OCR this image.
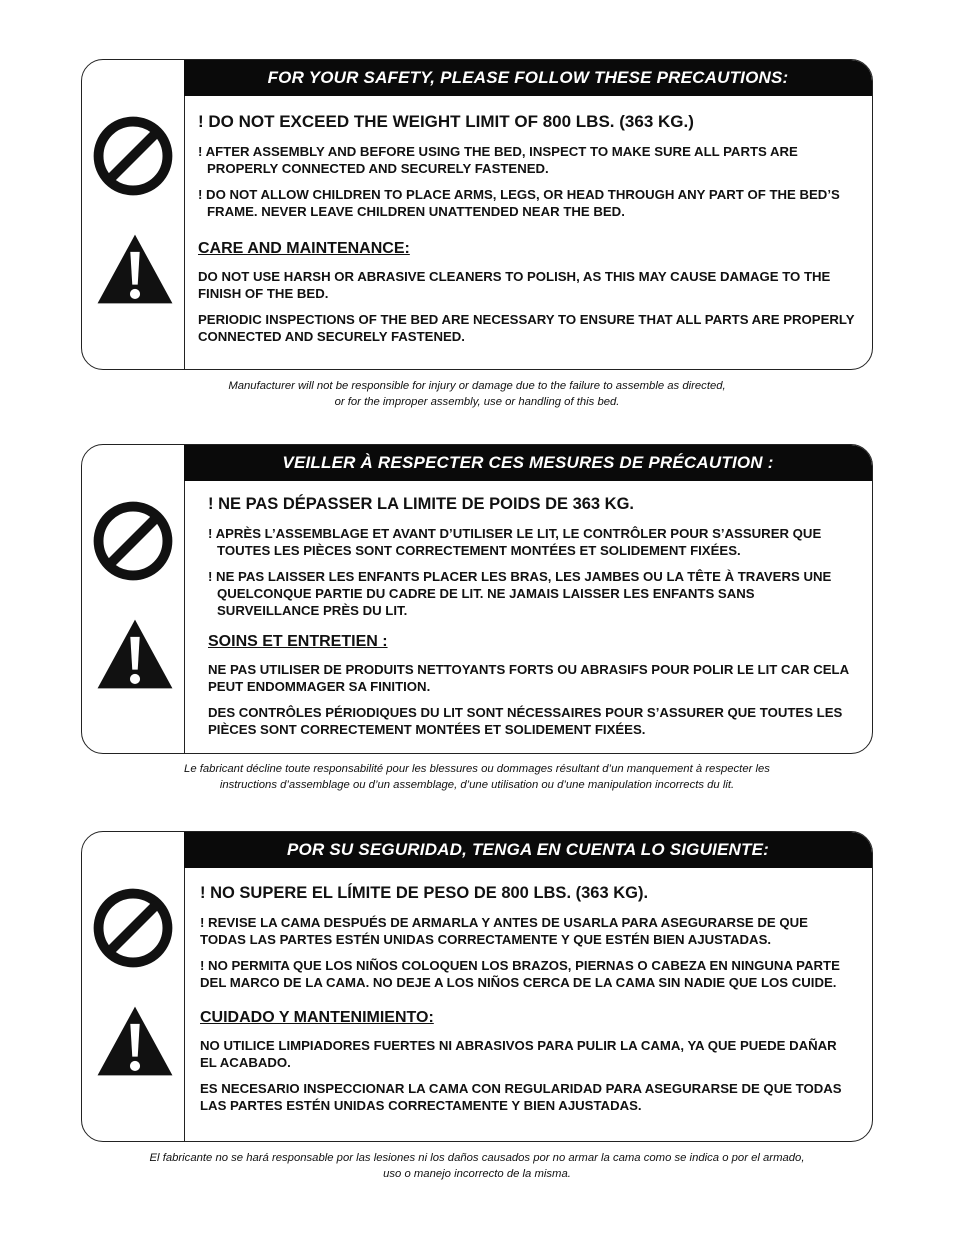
FOR YOUR SAFETY, PLEASE FOLLOW THESE PRECAUTIONS:
! DO NOT EXCEED THE WEIGHT LIMIT OF 800 LBS. (363 KG.)

! AFTER ASSEMBLY AND BEFORE USING THE BED, INSPECT TO MAKE SURE ALL PARTS ARE PROPERLY CONNECTED AND SECURELY FASTENED.

! DO NOT ALLOW CHILDREN TO PLACE ARMS, LEGS, OR HEAD THROUGH ANY PART OF THE BED’S FRAME. NEVER LEAVE CHILDREN UNATTENDED NEAR THE BED.

CARE AND MAINTENANCE:

DO NOT USE HARSH OR ABRASIVE CLEANERS TO POLISH, AS THIS MAY CAUSE DAMAGE TO THE FINISH OF THE BED.

PERIODIC INSPECTIONS OF THE BED ARE NECESSARY TO ENSURE THAT ALL PARTS ARE PROPERLY CONNECTED AND SECURELY FASTENED.

Manufacturer will not be responsible for injury or damage due to the failure to assemble as directed,
or for the improper assembly, use or handling of this bed.
VEILLER À RESPECTER CES MESURES DE PRÉCAUTION :
! NE PAS DÉPASSER LA LIMITE DE POIDS DE 363 KG.

! APRÈS L’ASSEMBLAGE ET AVANT D’UTILISER LE LIT, LE CONTRÔLER POUR S’ASSURER QUE TOUTES LES PIÈCES SONT CORRECTEMENT MONTÉES ET SOLIDEMENT FIXÉES.

! NE PAS LAISSER LES ENFANTS PLACER LES BRAS, LES JAMBES OU LA TÊTE À TRAVERS UNE QUELCONQUE PARTIE DU CADRE DE LIT. NE JAMAIS LAISSER LES ENFANTS SANS SURVEILLANCE PRÈS DU LIT.

SOINS ET ENTRETIEN :

NE PAS UTILISER DE PRODUITS NETTOYANTS FORTS OU ABRASIFS POUR POLIR LE LIT CAR CELA PEUT ENDOMMAGER SA FINITION.

DES CONTRÔLES PÉRIODIQUES DU LIT SONT NÉCESSAIRES POUR S’ASSURER QUE TOUTES LES PIÈCES SONT CORRECTEMENT MONTÉES ET SOLIDEMENT FIXÉES.

Le fabricant décline toute responsabilité pour les blessures ou dommages résultant d’un manquement à respecter les
instructions d’assemblage ou d’un assemblage, d’une utilisation ou d’une manipulation incorrects du lit.
POR SU SEGURIDAD, TENGA EN CUENTA LO SIGUIENTE:
! NO SUPERE EL LÍMITE DE PESO DE 800 LBS. (363 KG).

! REVISE LA CAMA DESPUÉS DE ARMARLA Y ANTES DE USARLA PARA ASEGURARSE DE QUE TODAS LAS PARTES ESTÉN UNIDAS CORRECTAMENTE Y QUE ESTÉN BIEN AJUSTADAS.

! NO PERMITA QUE LOS NIÑOS COLOQUEN LOS BRAZOS, PIERNAS O CABEZA EN NINGUNA PARTE DEL MARCO DE LA CAMA. NO DEJE A LOS NIÑOS CERCA DE LA CAMA SIN NADIE QUE LOS CUIDE.

CUIDADO Y MANTENIMIENTO:

NO UTILICE LIMPIADORES FUERTES NI ABRASIVOS PARA PULIR LA CAMA, YA QUE PUEDE DAÑAR EL ACABADO.

ES NECESARIO INSPECCIONAR LA CAMA CON REGULARIDAD PARA ASEGURARSE DE QUE TODAS LAS PARTES ESTÉN UNIDAS CORRECTAMENTE Y BIEN AJUSTADAS.

El fabricante no se hará responsable por las lesiones ni los daños causados por no armar la cama como se indica o por el armado,
uso o manejo incorrecto de la misma.
